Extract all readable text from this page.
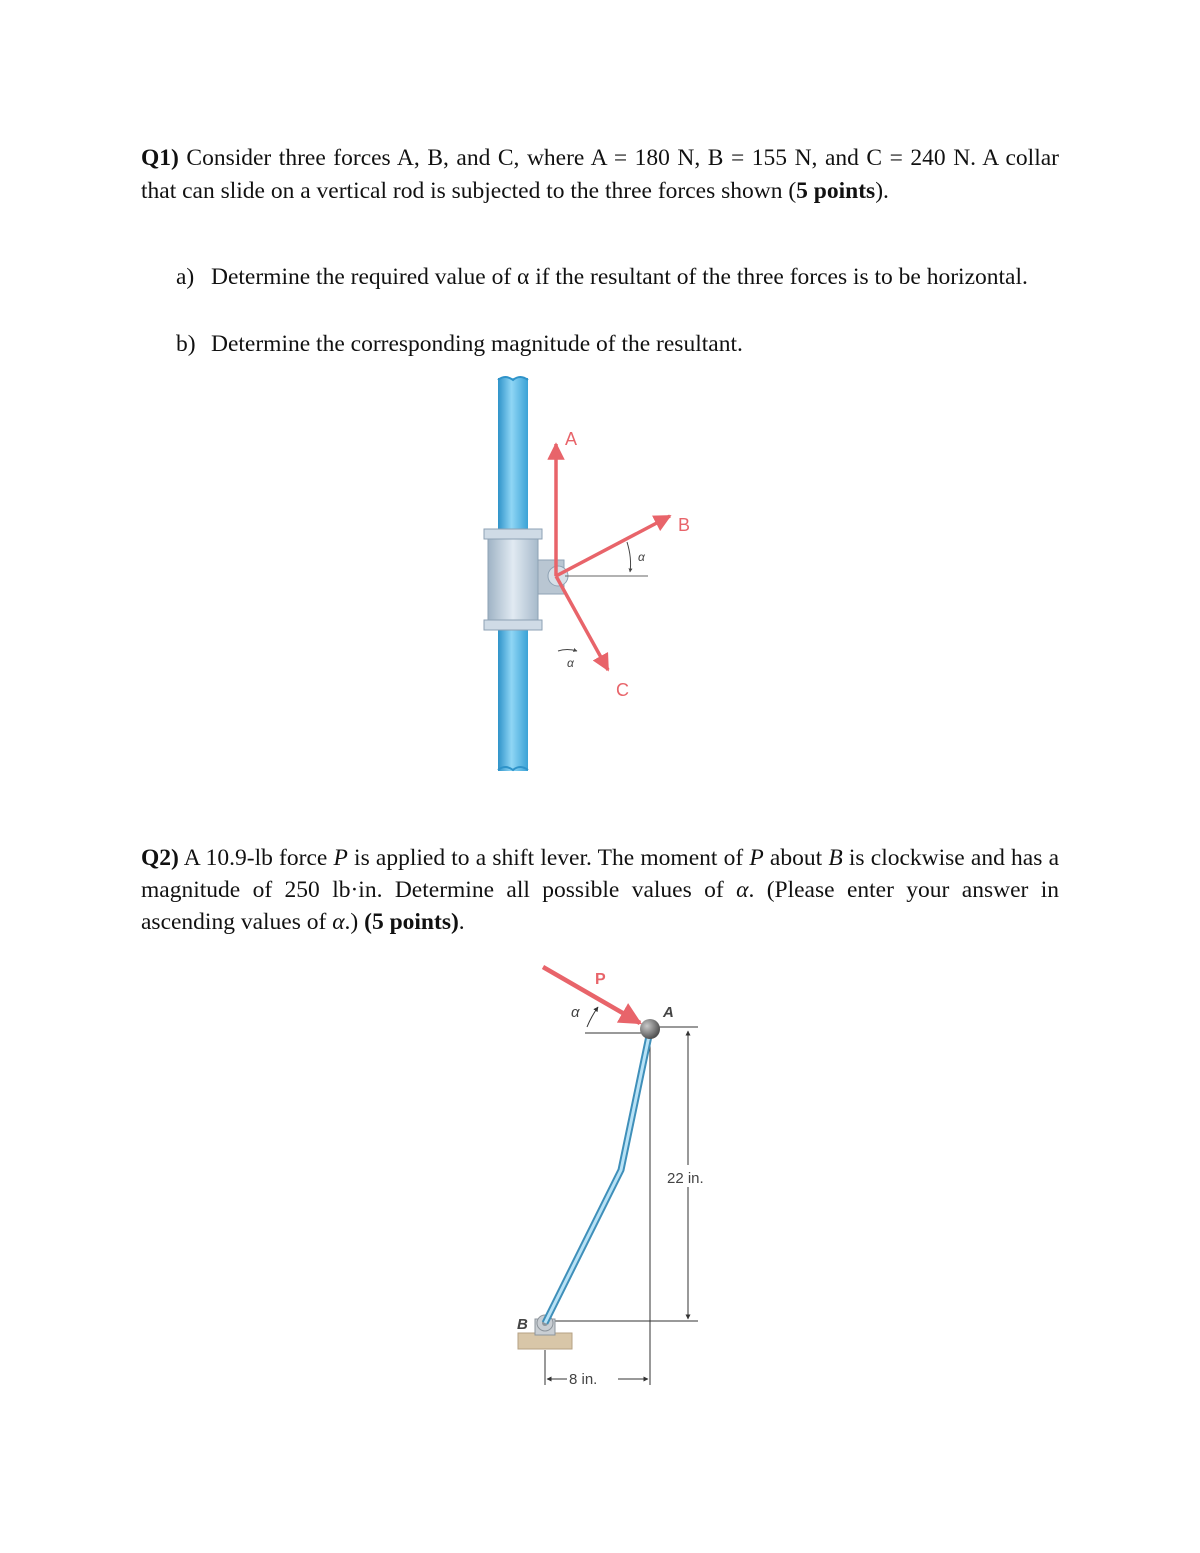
Q1) Consider three forces A, B, and C, where A = 180 N, B = 155 N, and C = 240 N. A collar that can slide on a vertical rod is subjected to the three forces shown (5 points).
a) Determine the required value of α if the resultant of the three forces is to be horizontal.
b) Determine the corresponding magnitude of the resultant.
A
B
C
α
α
Q2) A 10.9-lb force P is applied to a shift lever. The moment of P about B is clockwise and has a magnitude of 250 lb·in. Determine all possible values of α. (Please enter your answer in ascending values of α.) (5 points).
22 in.
8 in.
P
α	A
B
